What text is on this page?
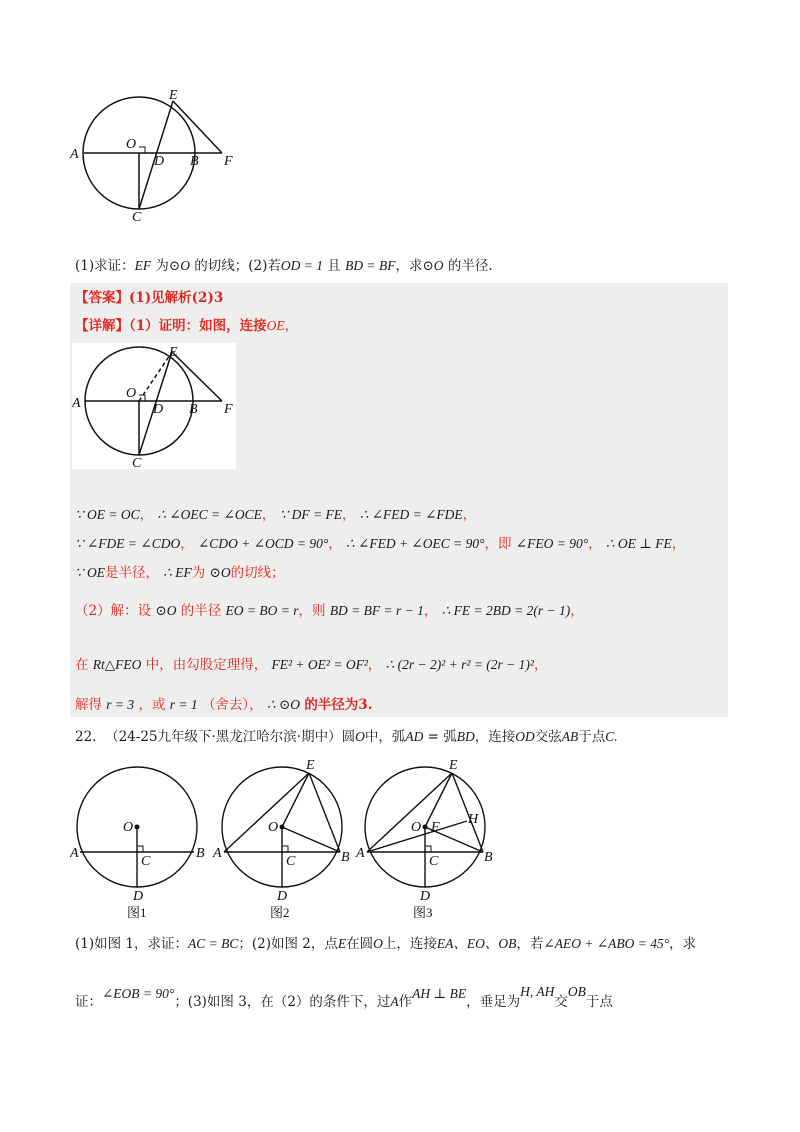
A
O
D B F
E
C
(1)求证：EF 为⊙O 的切线；(2)若OD = 1 且 BD = BF，求⊙O 的半径.
【答案】(1)见解析(2)3
【详解】（1）证明：如图，连接OE，
A
O
D B F
E
C
∵ OE = OC， ∴ ∠OEC = ∠OCE， ∵ DF = FE， ∴ ∠FED = ∠FDE，
∵ ∠FDE = ∠CDO， ∠CDO + ∠OCD = 90°， ∴ ∠FED + ∠OEC = 90°，即 ∠FEO = 90°， ∴ OE ⊥ FE，
∵ OE是半径， ∴ EF为 ⊙O的切线；
（2）解：设 ⊙O 的半径 EO = BO = r，则 BD = BF = r − 1， ∴ FE = 2BD = 2(r − 1)，
在 Rt△FEO 中，由勾股定理得， FE² + OE² = OF²， ∴ (2r − 2)² + r² = (2r − 1)²，
解得 r = 3 ，或 r = 1 （舍去）， ∴ ⊙O 的半径为3.
22. （24-25九年级下·黑龙江哈尔滨·期中）圆O中，弧AD = 弧BD，连接OD交弦AB于点C.
O
A	B
C
D
图1
E
O
A	B
C
D
图2
E
O F
H
A	B
C
D
图3
(1)如图 1，求证：AC = BC；(2)如图 2，点E在圆O上，连接EA、EO、OB，若∠AEO + ∠ABO = 45°，求
证：∠EOB = 90°；(3)如图 3，在（2）的条件下，过A作AH ⊥ BE，垂足为H, AH交OB于点
